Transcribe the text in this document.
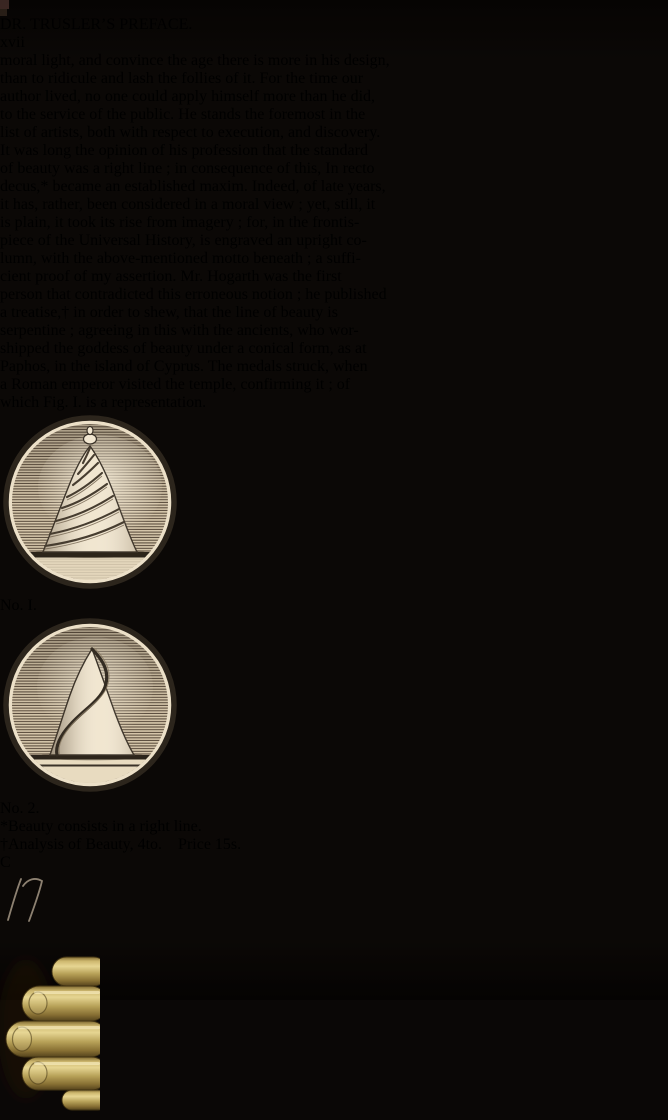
DR. TRUSLER’S PREFACE.
xvii
moral light, and convince the age there is more in his design,
than to ridicule and lash the follies of it. For the time our
author lived, no one could apply himself more than he did,
to the service of the public. He stands the foremost in the
list of artists, both with respect to execution, and discovery.
It was long the opinion of his profession that the standard
of beauty was a right line ; in consequence of this, In recto
decus,* became an established maxim. Indeed, of late years,
it has, rather, been considered in a moral view ; yet, still, it
is plain, it took its rise from imagery ; for, in the frontis-
piece of the Universal History, is engraved an upright co-
lumn, with the above-mentioned motto beneath ; a suffi-
cient proof of my assertion. Mr. Hogarth was the first
person that contradicted this erroneous notion ; he published
a treatise,† in order to shew, that the line of beauty is
serpentine ; agreeing in this with the ancients, who wor-
shipped the goddess of beauty under a conical form, as at
Paphos, in the island of Cyprus. The medals struck, when
a Roman emperor visited the temple, confirming it ; of
which Fig. I. is a representation.
No. I.
No. 2.
*Beauty consists in a right line.
†Analysis of Beauty, 4to.  Price 15s.
C
